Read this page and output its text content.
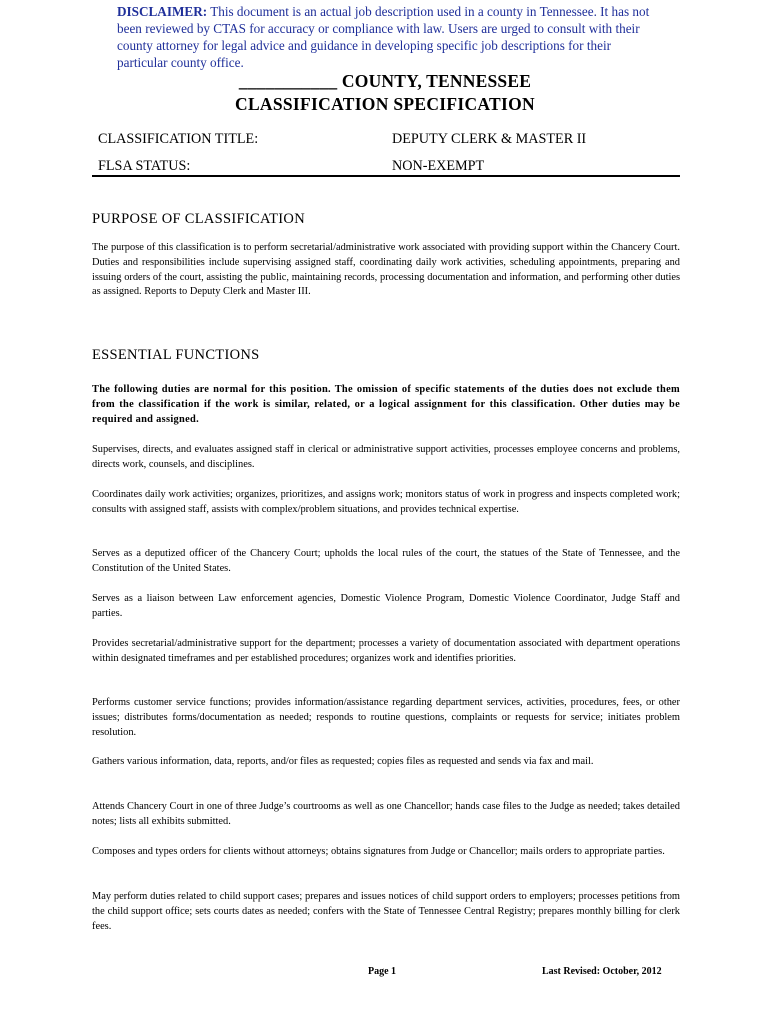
DISCLAIMER: This document is an actual job description used in a county in Tennessee. It has not been reviewed by CTAS for accuracy or compliance with law. Users are urged to consult with their county attorney for legal advice and guidance in developing specific job descriptions for their particular county office.
___________ COUNTY, TENNESSEE
CLASSIFICATION SPECIFICATION
CLASSIFICATION TITLE:	DEPUTY CLERK & MASTER II
FLSA STATUS:	NON-EXEMPT
PURPOSE OF CLASSIFICATION
The purpose of this classification is to perform secretarial/administrative work associated with providing support within the Chancery Court. Duties and responsibilities include supervising assigned staff, coordinating daily work activities, scheduling appointments, preparing and issuing orders of the court, assisting the public, maintaining records, processing documentation and information, and performing other duties as assigned. Reports to Deputy Clerk and Master III.
ESSENTIAL FUNCTIONS
The following duties are normal for this position. The omission of specific statements of the duties does not exclude them from the classification if the work is similar, related, or a logical assignment for this classification. Other duties may be required and assigned.
Supervises, directs, and evaluates assigned staff in clerical or administrative support activities, processes employee concerns and problems, directs work, counsels, and disciplines.
Coordinates daily work activities; organizes, prioritizes, and assigns work; monitors status of work in progress and inspects completed work; consults with assigned staff, assists with complex/problem situations, and provides technical expertise.
Serves as a deputized officer of the Chancery Court; upholds the local rules of the court, the statues of the State of Tennessee, and the Constitution of the United States.
Serves as a liaison between Law enforcement agencies, Domestic Violence Program, Domestic Violence Coordinator, Judge Staff and parties.
Provides secretarial/administrative support for the department; processes a variety of documentation associated with department operations within designated timeframes and per established procedures; organizes work and identifies priorities.
Performs customer service functions; provides information/assistance regarding department services, activities, procedures, fees, or other issues; distributes forms/documentation as needed; responds to routine questions, complaints or requests for service; initiates problem resolution.
Gathers various information, data, reports, and/or files as requested; copies files as requested and sends via fax and mail.
Attends Chancery Court in one of three Judge’s courtrooms as well as one Chancellor; hands case files to the Judge as needed; takes detailed notes; lists all exhibits submitted.
Composes and types orders for clients without attorneys; obtains signatures from Judge or Chancellor; mails orders to appropriate parties.
May perform duties related to child support cases; prepares and issues notices of child support orders to employers; processes petitions from the child support office; sets courts dates as needed; confers with the State of Tennessee Central Registry; prepares monthly billing for clerk fees.
Page 1	Last Revised: October, 2012
